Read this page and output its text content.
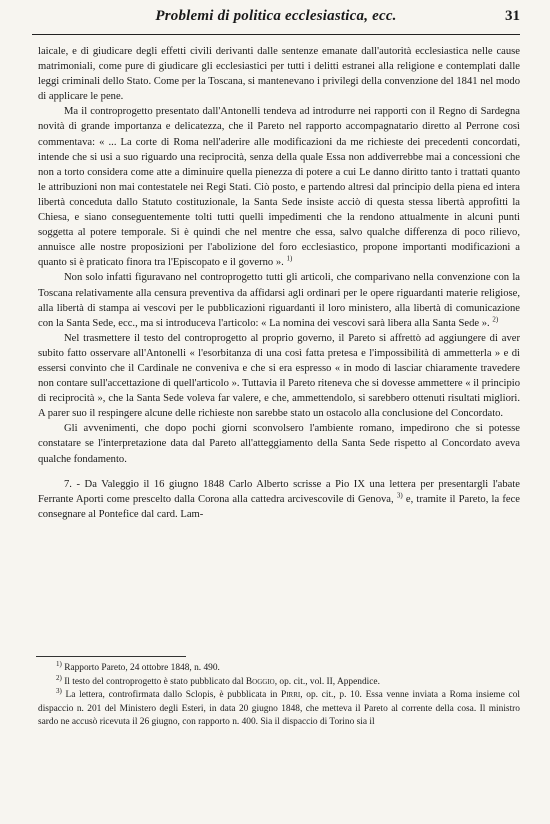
Problemi di politica ecclesiastica, ecc.	31

laicale, e di giudicare degli effetti civili derivanti dalle sentenze emanate dall'autorità ecclesiastica nelle cause matrimoniali, come pure di giudicare gli ecclesiastici per tutti i delitti estranei alla religione e contemplati dalle leggi criminali dello Stato. Come per la Toscana, si mantenevano i privilegi della convenzione del 1841 nel modo di applicare le pene.

Ma il controprogetto presentato dall'Antonelli tendeva ad introdurre nei rapporti con il Regno di Sardegna novità di grande importanza e delicatezza, che il Pareto nel rapporto accompagnatario diretto al Perrone così commentava: « ... La corte di Roma nell'aderire alle modificazioni da me richieste dei precedenti concordati, intende che si usi a suo riguardo una reciprocità, senza della quale Essa non addiverrebbe mai a concessioni che non a torto considera come atte a diminuire quella pienezza di potere a cui Le danno diritto tanto i trattati quanto le attribuzioni non mai contestatele nei Regi Stati. Ciò posto, e partendo altresì dal principio della piena ed intera libertà conceduta dallo Statuto costituzionale, la Santa Sede insiste acciò di questa stessa libertà approfitti la Chiesa, e siano conseguentemente tolti tutti quelli impedimenti che la rendono attualmente in alcuni punti soggetta al potere temporale. Si è quindi che nel mentre che essa, salvo qualche differenza di poco rilievo, annuisce alle nostre proposizioni per l'abolizione del foro ecclesiastico, propone importanti modificazioni a quanto si è praticato finora tra l'Episcopato e il governo ». $^{1)}$

Non solo infatti figuravano nel controprogetto tutti gli articoli, che comparivano nella convenzione con la Toscana relativamente alla censura preventiva da affidarsi agli ordinari per le opere riguardanti materie religiose, alla libertà di stampa ai vescovi per le pubblicazioni riguardanti il loro ministero, alla libertà di comunicazione con la Santa Sede, ecc., ma si introduceva l'articolo: « La nomina dei vescovi sarà libera alla Santa Sede ». $^{2)}$

Nel trasmettere il testo del controprogetto al proprio governo, il Pareto si affrettò ad aggiungere di aver subito fatto osservare all'Antonelli « l'esorbitanza di una così fatta pretesa e l'impossibilità di ammetterla » e di essersi convinto che il Cardinale ne conveniva e che si era espresso « in modo di lasciar chiaramente travedere non contare sull'accettazione di quell'articolo ». Tuttavia il Pareto riteneva che si dovesse ammettere « il principio di reciprocità », che la Santa Sede voleva far valere, e che, ammettendolo, si sarebbero ottenuti risultati migliori. A parer suo il respingere alcune delle richieste non sarebbe stato un ostacolo alla conclusione del Concordato.

Gli avvenimenti, che dopo pochi giorni sconvolsero l'ambiente romano, impedirono che si potesse constatare se l'interpretazione data dal Pareto all'atteggiamento della Santa Sede rispetto al Concordato aveva qualche fondamento.

7. - Da Valeggio il 16 giugno 1848 Carlo Alberto scrisse a Pio IX una lettera per presentargli l'abate Ferrante Aporti come prescelto dalla Corona alla cattedra arcivescovile di Genova, $^{3)}$ e, tramite il Pareto, la fece consegnare al Pontefice dal card. Lam-

$^{1)}$ Rapporto Pareto, 24 ottobre 1848, n. 490.

$^{2)}$ Il testo del controprogetto è stato pubblicato dal Boggio, op. cit., vol. II, Appendice.

$^{3)}$ La lettera, controfirmata dallo Sclopis, è pubblicata in Pirri, op. cit., p. 10. Essa venne inviata a Roma insieme col dispaccio n. 201 del Ministero degli Esteri, in data 20 giugno 1848, che metteva il Pareto al corrente della cosa. Il ministro sardo ne accusò ricevuta il 26 giugno, con rapporto n. 400. Sia il dispaccio di Torino sia il
